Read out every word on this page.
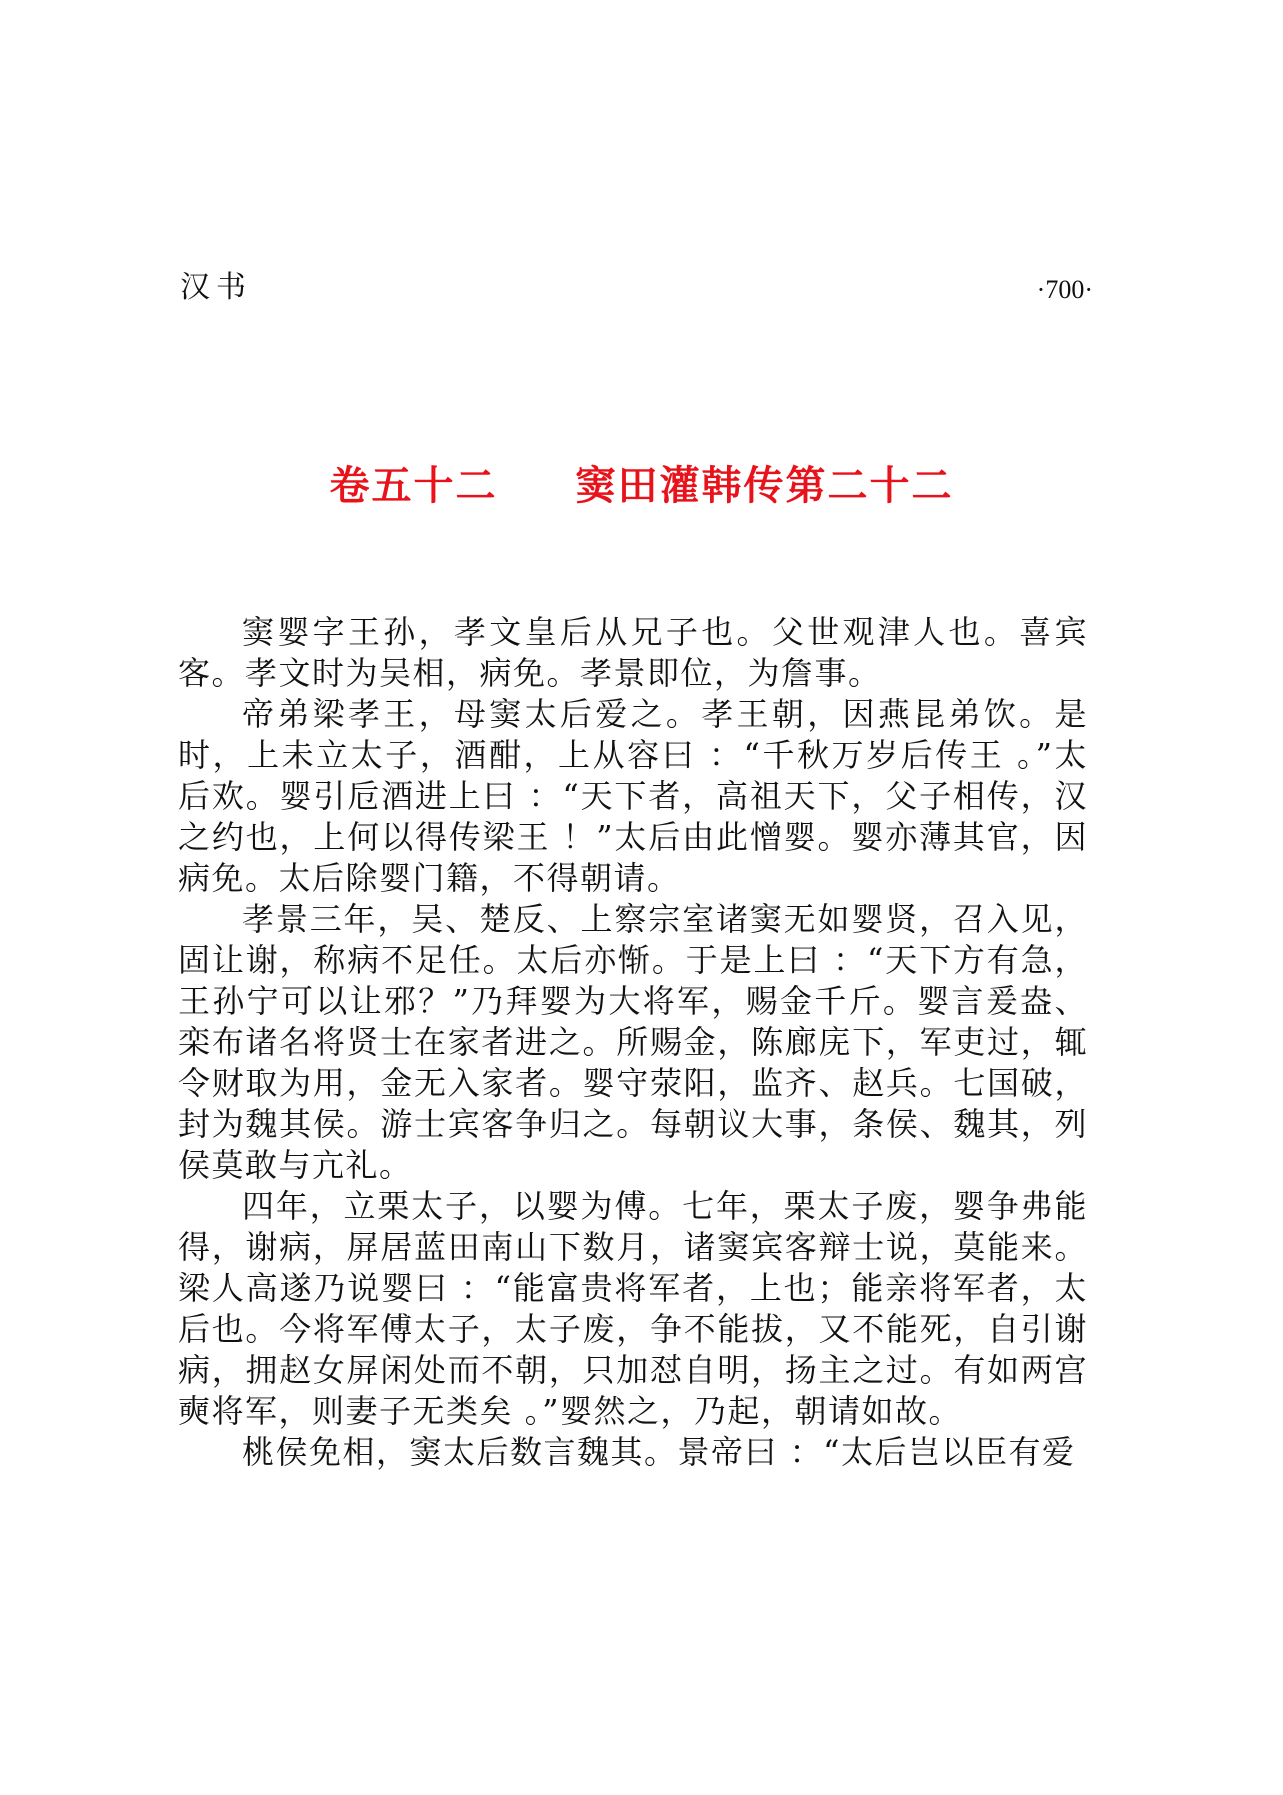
汉书	·700·
卷五十二 窦田灌韩传第二十二

窦婴字王孙，孝文皇后从兄子也。父世观津人也。喜宾客。孝文时为吴相，病免。孝景即位，为詹事。

帝弟梁孝王，母窦太后爱之。孝王朝，因燕昆弟饮。是时，上未立太子，酒酣，上从容曰 ：“千秋万岁后传王 。”太后欢。婴引卮酒进上曰 ：“天下者，高祖天下，父子相传，汉之约也，上何以得传梁王 ！”太后由此憎婴。婴亦薄其官，因病免。太后除婴门籍，不得朝请。

孝景三年，吴、楚反、上察宗室诸窦无如婴贤，召入见，固让谢，称病不足任。太后亦惭。于是上曰 ：“天下方有急，王孙宁可以让邪？”乃拜婴为大将军，赐金千斤。婴言爰盎、栾布诸名将贤士在家者进之。所赐金，陈廊庑下，军吏过，辄令财取为用，金无入家者。婴守荥阳，监齐、赵兵。七国破，封为魏其侯。游士宾客争归之。每朝议大事，条侯、魏其，列侯莫敢与亢礼。

四年，立栗太子，以婴为傅。七年，栗太子废，婴争弗能得，谢病，屏居蓝田南山下数月，诸窦宾客辩士说，莫能来。梁人高遂乃说婴曰 ：“能富贵将军者，上也；能亲将军者，太后也。今将军傅太子，太子废，争不能拔，又不能死，自引谢病，拥赵女屏闲处而不朝，只加怼自明，扬主之过。有如两宫奭将军，则妻子无类矣 。”婴然之，乃起，朝请如故。

桃侯免相，窦太后数言魏其。景帝曰 ：“太后岂以臣有爱
